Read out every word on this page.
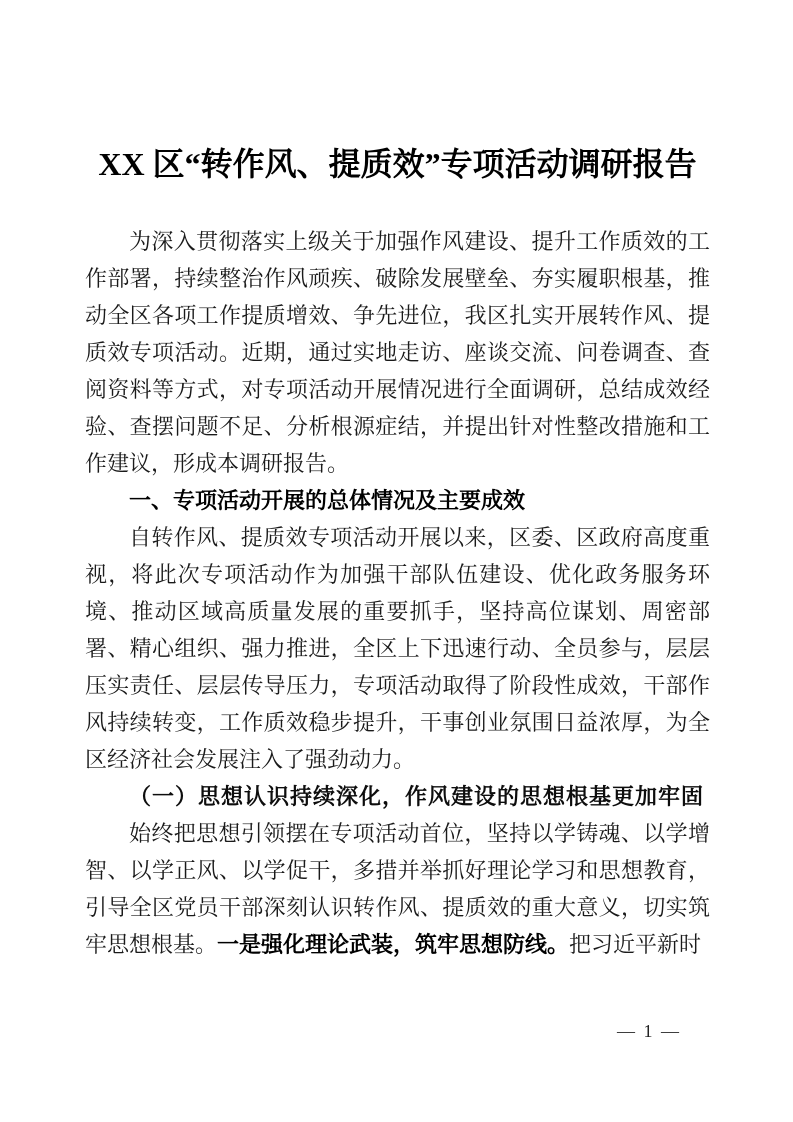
XX 区“转作风、提质效”专项活动调研报告

为深入贯彻落实上级关于加强作风建设、提升工作质效的工作部署，持续整治作风顽疾、破除发展壁垒、夯实履职根基，推动全区各项工作提质增效、争先进位，我区扎实开展转作风、提质效专项活动。近期，通过实地走访、座谈交流、问卷调查、查阅资料等方式，对专项活动开展情况进行全面调研，总结成效经验、查摆问题不足、分析根源症结，并提出针对性整改措施和工作建议，形成本调研报告。

一、专项活动开展的总体情况及主要成效

自转作风、提质效专项活动开展以来，区委、区政府高度重视，将此次专项活动作为加强干部队伍建设、优化政务服务环境、推动区域高质量发展的重要抓手，坚持高位谋划、周密部署、精心组织、强力推进，全区上下迅速行动、全员参与，层层压实责任、层层传导压力，专项活动取得了阶段性成效，干部作风持续转变，工作质效稳步提升，干事创业氛围日益浓厚，为全区经济社会发展注入了强劲动力。

（一）思想认识持续深化，作风建设的思想根基更加牢固

始终把思想引领摆在专项活动首位，坚持以学铸魂、以学增智、以学正风、以学促干，多措并举抓好理论学习和思想教育，引导全区党员干部深刻认识转作风、提质效的重大意义，切实筑牢思想根基。一是强化理论武装，筑牢思想防线。把习近平新时

— 1 —
